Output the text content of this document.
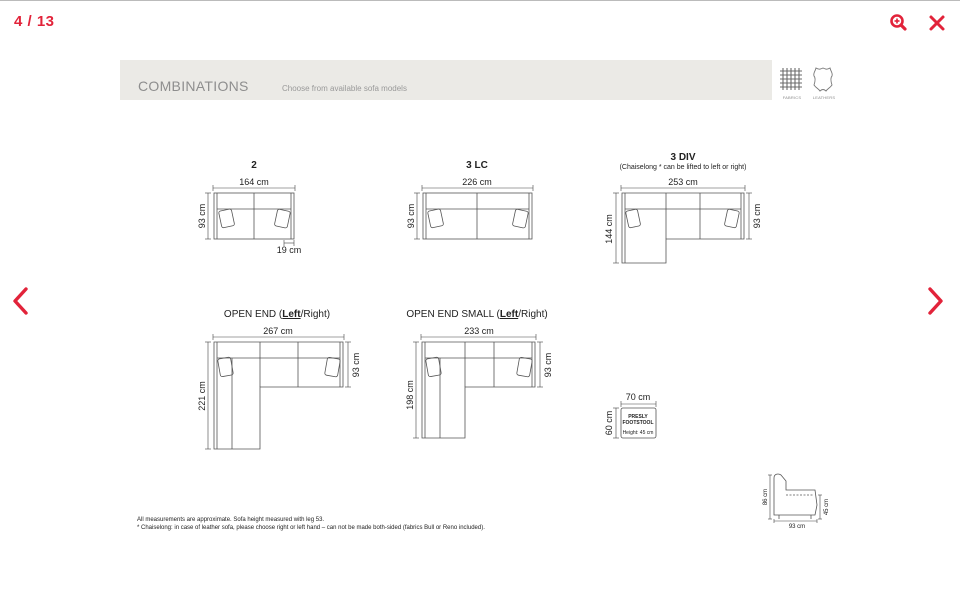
4 / 13
COMBINATIONS	Choose from available sofa models
FABRICS	LEATHERS
2
164 cm
93 cm
19 cm
3 LC
226 cm
93 cm
3 DIV
(Chaiselong * can be lifted to left or right)
253 cm
144 cm	93 cm
OPEN END (Left/Right)
267 cm
221 cm
93 cm
OPEN END SMALL (Left/Right)
233 cm
198 cm
93 cm
70 cm
PRESLY
FOOTSTOOL
Height: 45 cm
60 cm
86 cm
45 cm
93 cm
All measurements are approximate. Sofa height measured with leg 53.
* Chaiselong: in case of leather sofa, please choose right or left hand – can not be made both-sided (fabrics Bull or Reno included).
